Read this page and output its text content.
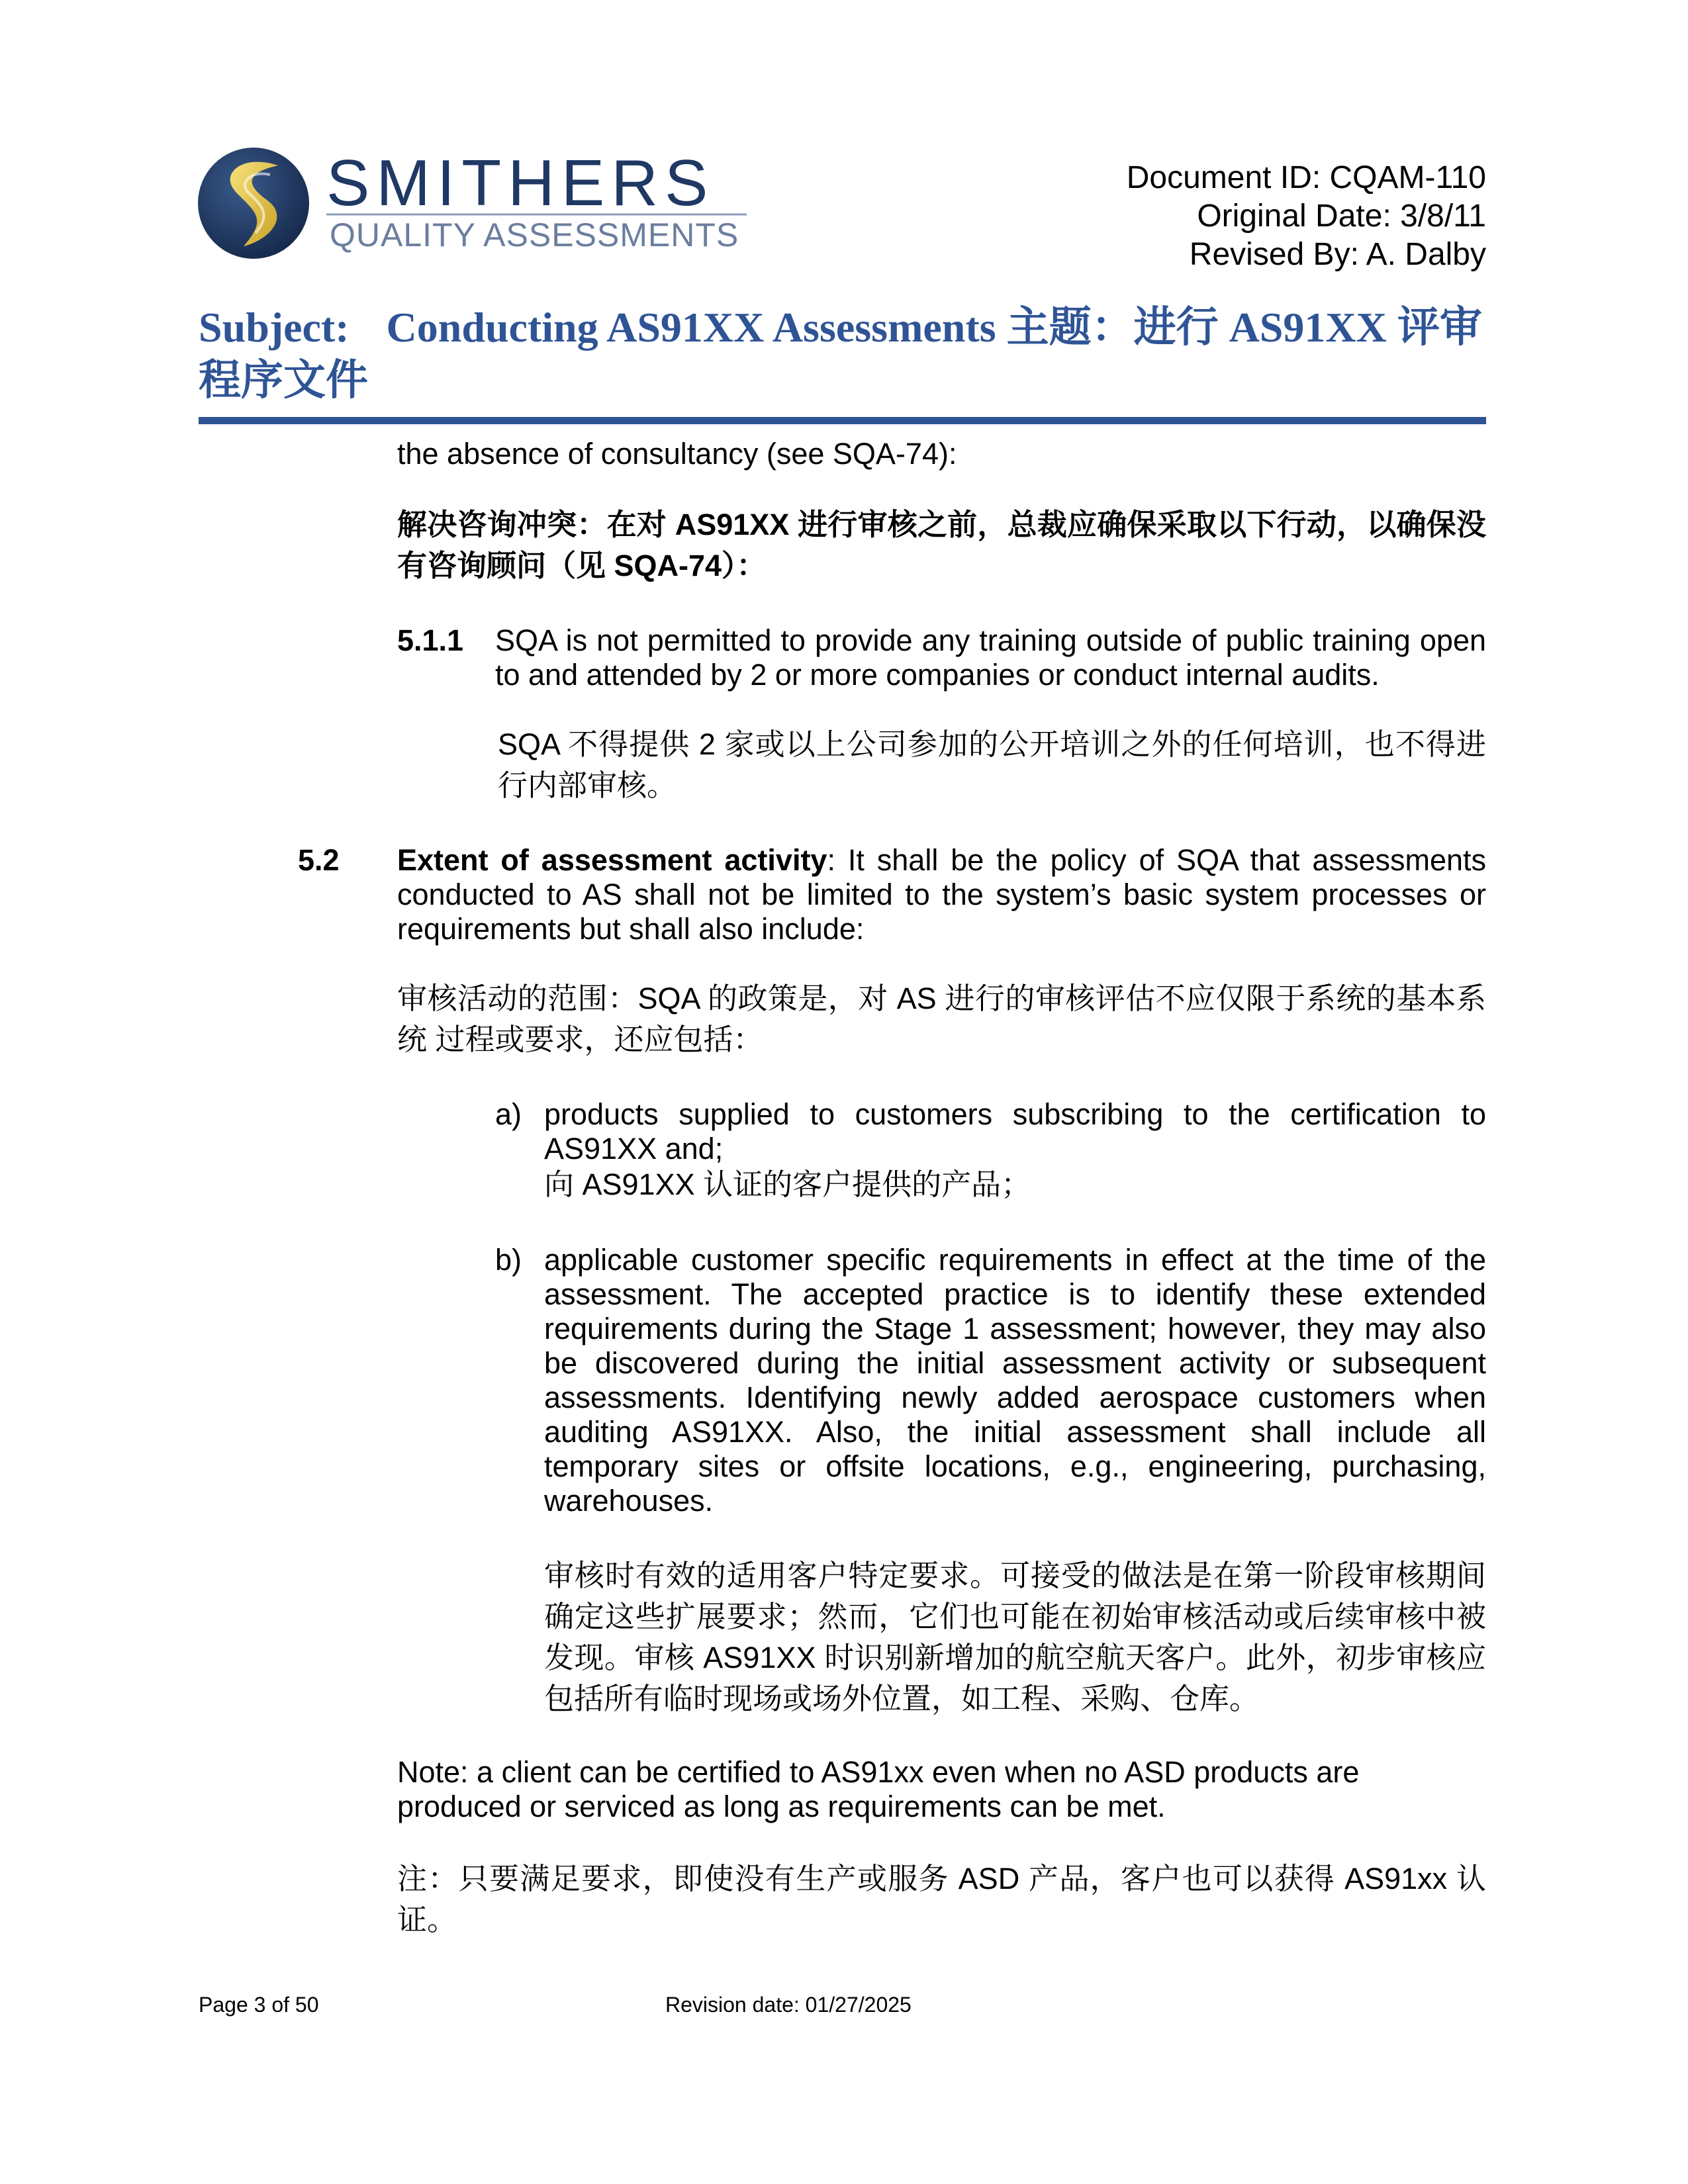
SMITHERS
QUALITY ASSESSMENTS
Document ID: CQAM-110
Original Date: 3/8/11
Revised By: A. Dalby
Subject: Conducting AS91XX Assessments 主题：进行 AS91XX 评审
程序文件
the absence of consultancy (see SQA-74):
解决咨询冲突：在对 AS91XX 进行审核之前，总裁应确保采取以下行动，以确保没有咨询顾问（见 SQA-74）：
5.1.1 SQA is not permitted to provide any training outside of public training open to and attended by 2 or more companies or conduct internal audits.
SQA 不得提供 2 家或以上公司参加的公开培训之外的任何培训，也不得进行内部审核。
5.2 Extent of assessment activity: It shall be the policy of SQA that assessments conducted to AS shall not be limited to the system’s basic system processes or requirements but shall also include:
审核活动的范围：SQA 的政策是，对 AS 进行的审核评估不应仅限于系统的基本系统 过程或要求，还应包括：
a) products supplied to customers subscribing to the certification to AS91XX and;
向 AS91XX 认证的客户提供的产品；
b) applicable customer specific requirements in effect at the time of the assessment. The accepted practice is to identify these extended requirements during the Stage 1 assessment; however, they may also be discovered during the initial assessment activity or subsequent assessments. Identifying newly added aerospace customers when auditing AS91XX. Also, the initial assessment shall include all temporary sites or offsite locations, e.g., engineering, purchasing, warehouses.
审核时有效的适用客户特定要求。可接受的做法是在第一阶段审核期间确定这些扩展要求；然而，它们也可能在初始审核活动或后续审核中被发现。审核 AS91XX 时识别新增加的航空航天客户。此外，初步审核应包括所有临时现场或场外位置，如工程、采购、仓库。
Note: a client can be certified to AS91xx even when no ASD products are produced or serviced as long as requirements can be met.
注：只要满足要求，即使没有生产或服务 ASD 产品，客户也可以获得 AS91xx 认证。
Page 3 of 50	Revision date: 01/27/2025
